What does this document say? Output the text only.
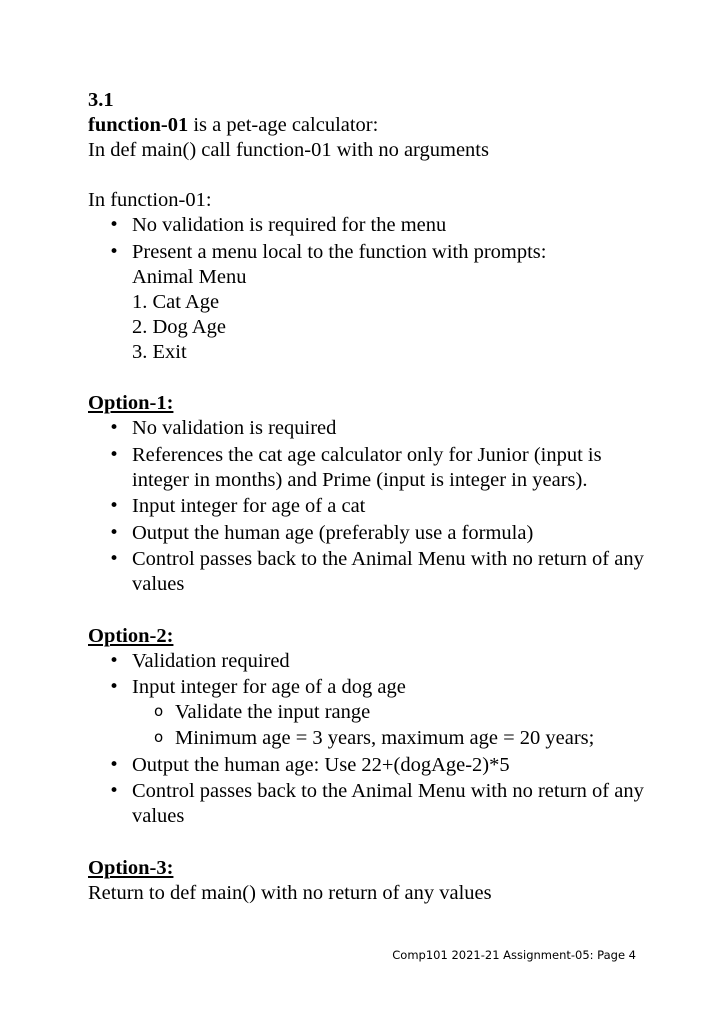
3.1
function-01 is a pet-age calculator:
In def main() call function-01 with no arguments
In function-01:
• No validation is required for the menu
• Present a menu local to the function with prompts:
Animal Menu
1. Cat Age
2. Dog Age
3. Exit
Option-1:
• No validation is required
• References the cat age calculator only for Junior (input is integer in months) and Prime (input is integer in years).
• Input integer for age of a cat
• Output the human age (preferably use a formula)
• Control passes back to the Animal Menu with no return of any values
Option-2:
• Validation required
• Input integer for age of a dog age
o Validate the input range
o Minimum age = 3 years, maximum age = 20 years;
• Output the human age: Use 22+(dogAge-2)*5
• Control passes back to the Animal Menu with no return of any values
Option-3:
Return to def main() with no return of any values
Comp101 2021-21 Assignment-05: Page 4
